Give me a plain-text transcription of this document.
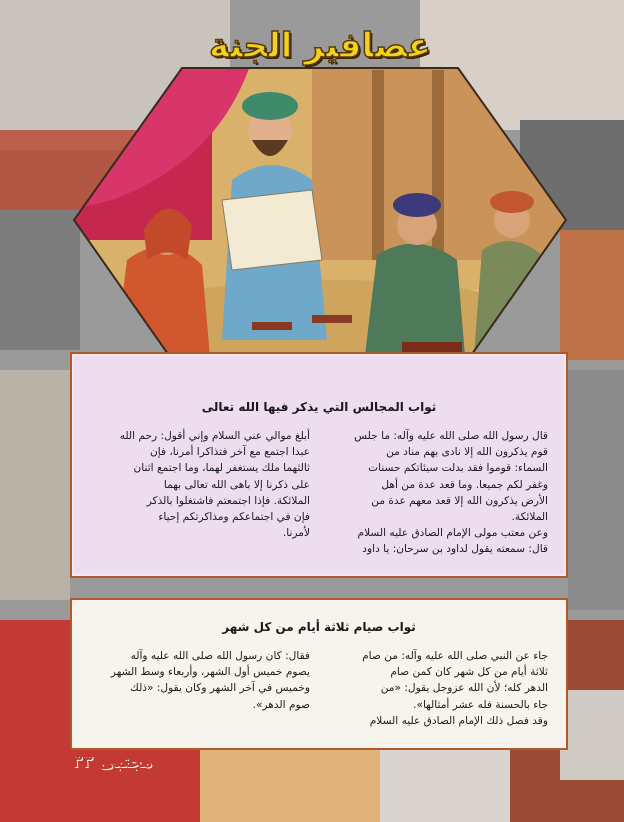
عصافير الجنة
ثواب المجالس التي يذكر فيها الله تعالى
قال رسول الله صلى الله عليه وآله: ما جلس
قوم يذكرون الله إلا نادى بهم مناد من
السماء: قوموا فقد بدلت سيئاتكم حسنات
وغفر لكم جميعا. وما قعد عدة من أهل
الأرض يذكرون الله إلا قعد معهم عدة من
الملائكة.
وعن معتب مولى الإمام الصادق عليه السلام
قال: سمعته يقول لداود بن سرحان: يا داود
أبلغ موالي عني السلام وإني أقول: رحم الله
عبدا اجتمع مع آخر فتذاكرا أمرنا، فإن
ثالثهما ملك يستغفر لهما، وما اجتمع اثنان
على ذكرنا إلا باهى الله تعالى بهما
الملائكة. فإذا اجتمعتم فاشتغلوا بالذكر
فإن في اجتماعكم ومذاكرتكم إحياء
لأمرنا.
ثواب صيام ثلاثة أيام من كل شهر
جاء عن النبي صلى الله عليه وآله: من صام
ثلاثة أيام من كل شهر كان كمن صام
الدهر كله؛ لأن الله عزوجل يقول: «من
جاء بالحسنة فله عشر أمثالها».
وقد فصل ذلك الإمام الصادق عليه السلام
فقال: كان رسول الله صلى الله عليه وآله
يصوم خميس أول الشهر، وأربعاء وسط الشهر
وخميس في آخر الشهر وكان يقول: «ذلك
صوم الدهر».
مجتبى ٣٣
